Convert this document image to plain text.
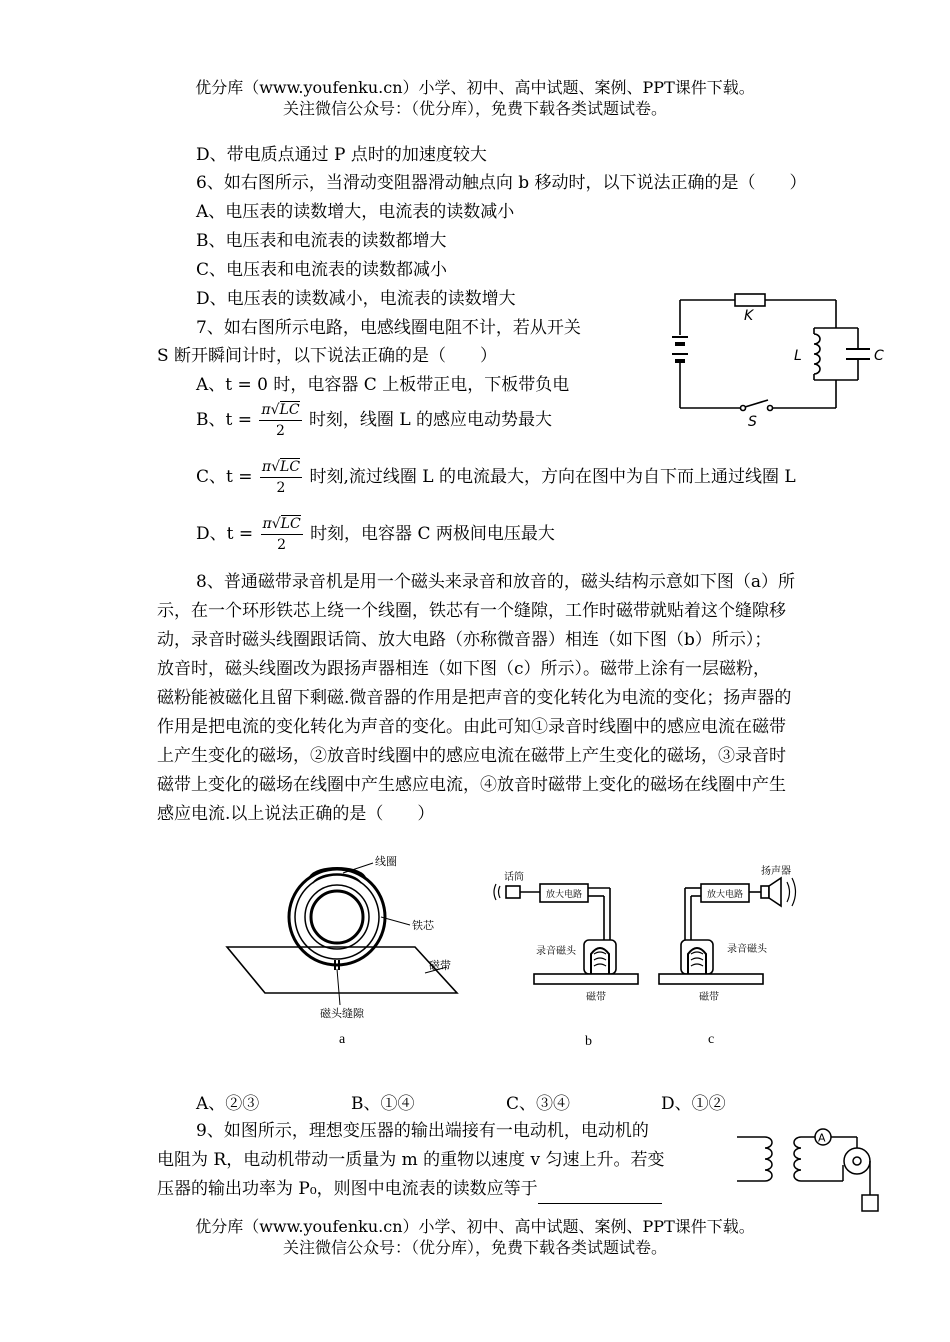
优分库（www.youfenku.cn）小学、初中、高中试题、案例、PPT课件下载。
关注微信公众号：（优分库），免费下载各类试题试卷。
D、带电质点通过 P 点时的加速度较大
6、如右图所示，当滑动变阻器滑动触点向 b 移动时，以下说法正确的是（　　）
A、电压表的读数增大，电流表的读数减小
B、电压表和电流表的读数都增大
C、电压表和电流表的读数都减小
D、电压表的读数减小，电流表的读数增大
7、如右图所示电路，电感线圈电阻不计，若从开关
S 断开瞬间计时，以下说法正确的是（　　）
A、t = 0 时，电容器 C 上板带正电，下板带负电
K
L	C
S
B、$t = \frac{\pi√LC}{2}$ 时刻，线圈 L 的感应电动势最大
C、$t = \frac{\pi√LC}{2}$ 时刻,流过线圈 L 的电流最大，方向在图中为自下而上通过线圈 L
D、$t = \frac{\pi√LC}{2}$ 时刻，电容器 C 两极间电压最大
8、普通磁带录音机是用一个磁头来录音和放音的，磁头结构示意如下图（a）所
示，在一个环形铁芯上绕一个线圈，铁芯有一个缝隙，工作时磁带就贴着这个缝隙移
动，录音时磁头线圈跟话筒、放大电路（亦称微音器）相连（如下图（b）所示）；
放音时，磁头线圈改为跟扬声器相连（如下图（c）所示）。磁带上涂有一层磁粉，
磁粉能被磁化且留下剩磁.微音器的作用是把声音的变化转化为电流的变化；扬声器的
作用是把电流的变化转化为声音的变化。由此可知①录音时线圈中的感应电流在磁带
上产生变化的磁场，②放音时线圈中的感应电流在磁带上产生变化的磁场，③录音时
磁带上变化的磁场在线圈中产生感应电流，④放音时磁带上变化的磁场在线圈中产生
感应电流.以上说法正确的是（　　）
线圈
铁芯
磁带
磁头缝隙
a
话筒
放大电路
录音磁头
磁带
b
扬声器
放大电路
录音磁头
磁带
c
A、②③	B、①④	C、③④	D、①②
9、如图所示，理想变压器的输出端接有一电动机，电动机的
电阻为 R，电动机带动一质量为 m 的重物以速度 v 匀速上升。若变
压器的输出功率为 P₀，则图中电流表的读数应等于
A
优分库（www.youfenku.cn）小学、初中、高中试题、案例、PPT课件下载。
关注微信公众号：（优分库），免费下载各类试题试卷。
